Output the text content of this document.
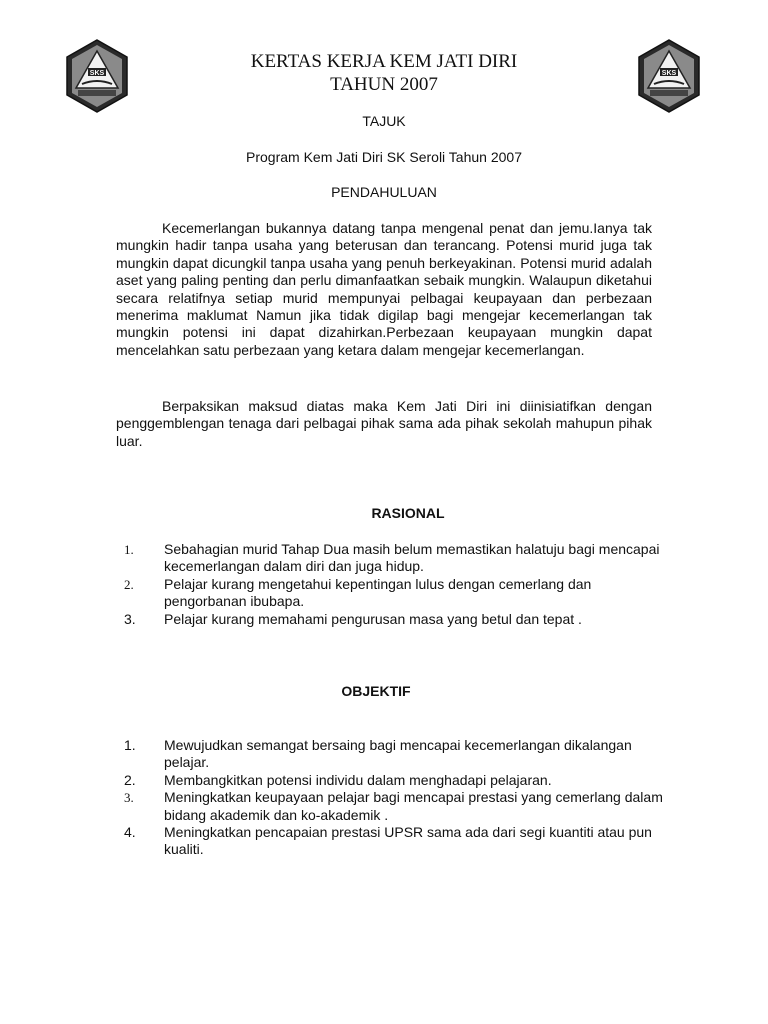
SKS	SKS
KERTAS KERJA KEM JATI DIRI
TAHUN 2007
TAJUK
Program Kem Jati Diri SK Seroli Tahun 2007
PENDAHULUAN

Kecemerlangan bukannya datang tanpa mengenal penat dan jemu.Ianya tak mungkin hadir tanpa usaha yang beterusan dan terancang. Potensi murid juga tak mungkin dapat dicungkil tanpa usaha yang penuh berkeyakinan. Potensi murid adalah aset yang paling penting dan perlu dimanfaatkan sebaik mungkin. Walaupun diketahui secara relatifnya setiap murid mempunyai pelbagai keupayaan dan perbezaan menerima maklumat Namun jika tidak digilap bagi mengejar kecemerlangan tak mungkin potensi ini dapat dizahirkan.Perbezaan keupayaan mungkin dapat mencelahkan satu perbezaan yang ketara dalam mengejar kecemerlangan.

Berpaksikan maksud diatas maka Kem Jati Diri ini diinisiatifkan dengan penggemblengan tenaga dari pelbagai pihak sama ada pihak sekolah mahupun pihak luar.

RASIONAL
1.	Sebahagian murid Tahap Dua masih belum memastikan halatuju bagi mencapai kecemerlangan dalam diri dan juga hidup.
2.	Pelajar kurang mengetahui kepentingan lulus dengan cemerlang dan pengorbanan ibubapa.
3.	Pelajar kurang memahami pengurusan masa yang betul dan tepat .
OBJEKTIF
1.	Mewujudkan semangat bersaing bagi mencapai kecemerlangan dikalangan pelajar.
2.	Membangkitkan potensi individu dalam menghadapi pelajaran.
3.	Meningkatkan keupayaan pelajar bagi mencapai prestasi yang cemerlang dalam bidang akademik dan ko-akademik .
4.	Meningkatkan pencapaian prestasi UPSR sama ada dari segi kuantiti atau pun kualiti.
